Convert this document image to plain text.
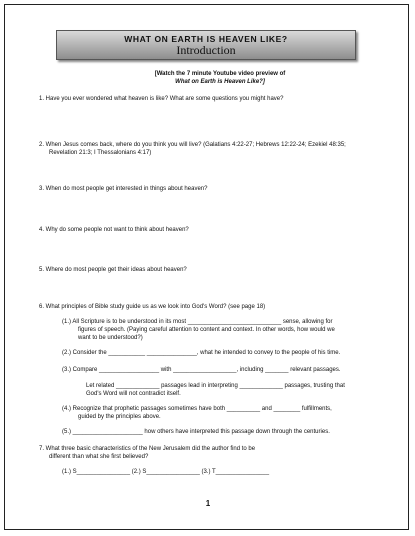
WHAT ON EARTH IS HEAVEN LIKE?
Introduction
[Watch the 7 minute Youtube video preview of
What on Earth is Heaven Like?]
1. Have you ever wondered what heaven is like? What are some questions you might have?
2. When Jesus comes back, where do you think you will live? (Galatians 4:22-27; Hebrews 12:22-24; Ezekiel 48:35;
Revelation 21:3; I Thessalonians 4:17)
3. When do most people get interested in things about heaven?
4. Why do some people not want to think about heaven?
5. Where do most people get their ideas about heaven?
6. What principles of Bible study guide us as we look into God's Word? (see page 18)
(1.) All Scripture is to be understood in its most ____________________________ sense, allowing for
figures of speech. (Paying careful attention to content and context. In other words, how would we
want to be understood?)
(2.) Consider the ___________ _______________, what he intended to convey to the people of his time.
(3.) Compare __________________ with ___________________, including _______ relevant passages.
Let related _____________ passages lead in interpreting _____________ passages, trusting that
God's Word will not contradict itself.
(4.) Recognize that prophetic passages sometimes have both __________ and ________ fulfillments,
guided by the principles above.
(5.) _____________________ how others have interpreted this passage down through the centuries.
7. What three basic characteristics of the New Jerusalem did the author find to be
different than what she first believed?
(1.) S________________ (2.) S________________ (3.) T________________
1
